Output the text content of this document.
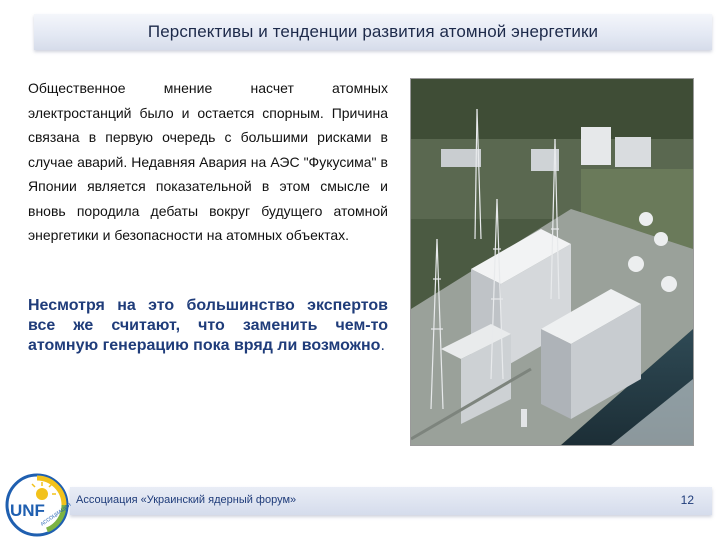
Перспективы и тенденции развития атомной энергетики
Общественное мнение насчет атомных электростанций было и остается спорным. Причина связана в первую очередь с большими рисками в случае аварий. Недавняя Авария на АЭС "Фукусима" в Японии является показательной в этом смысле и вновь породила дебаты вокруг будущего атомной энергетики и безопасности на атомных объектах.
Несмотря на это большинство экспертов все же считают, что заменить чем-то атомную генерацию пока вряд ли возможно.
Ассоциация «Украинский ядерный форум»	12
UNF
АССОЦИАЦИЯ
